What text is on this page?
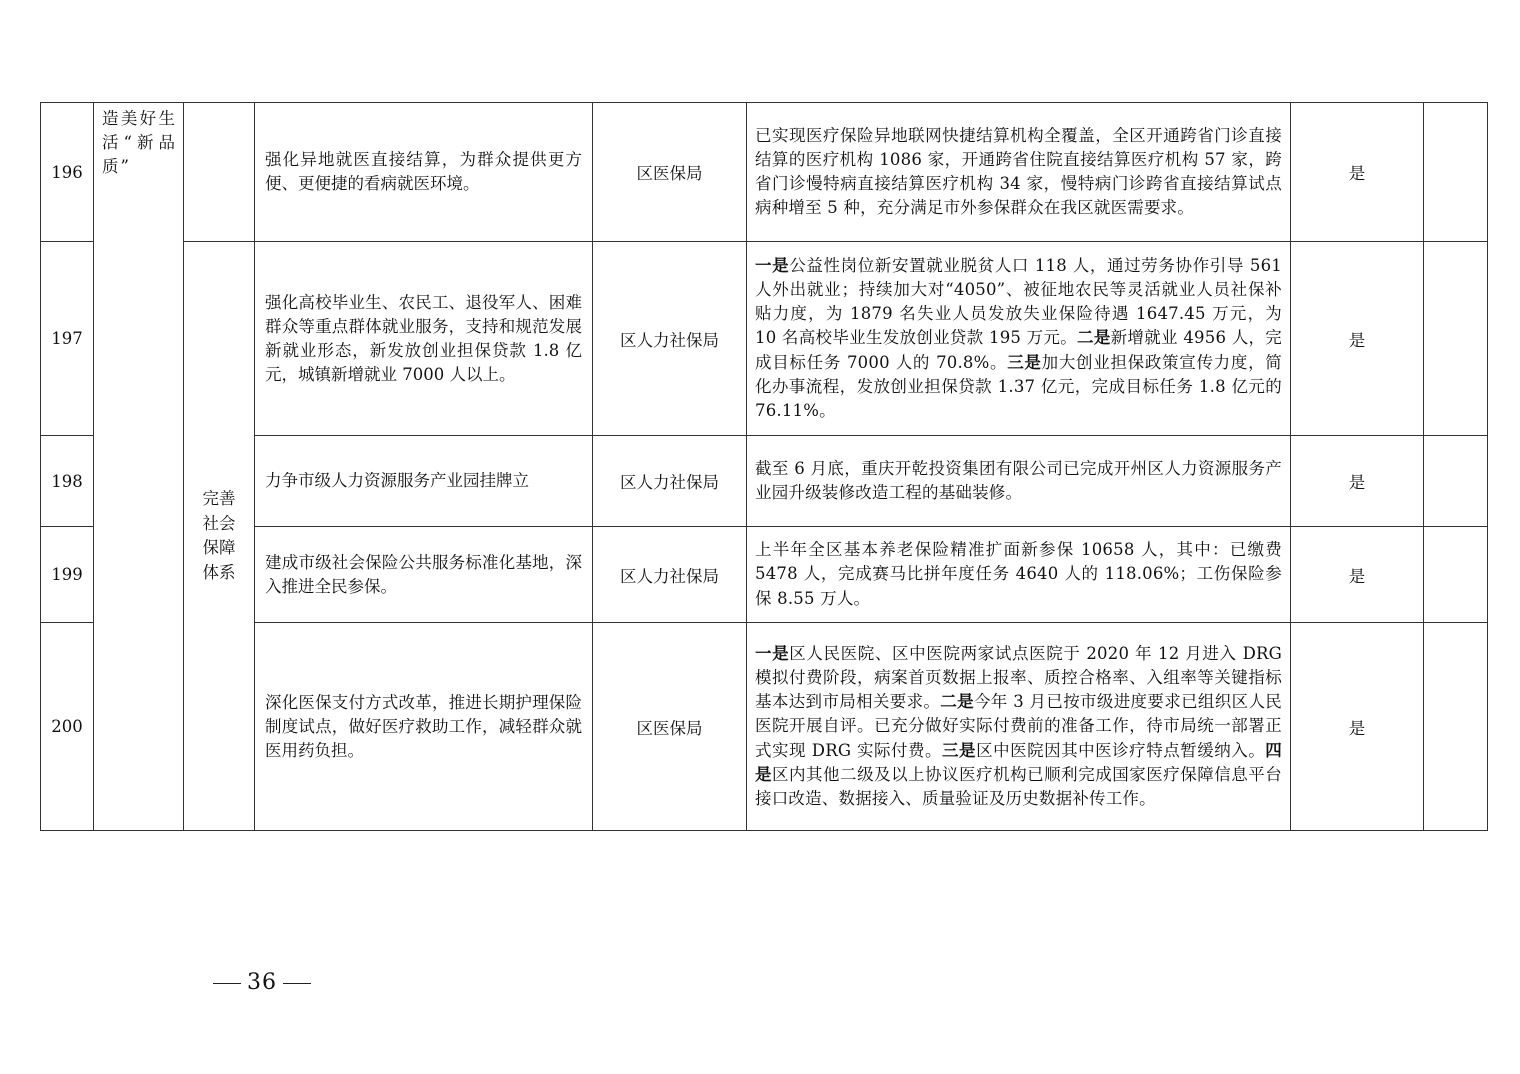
196	造美好生活“新品质”		强化异地就医直接结算，为群众提供更方便、更便捷的看病就医环境。	区医保局	已实现医疗保险异地联网快捷结算机构全覆盖，全区开通跨省门诊直接结算的医疗机构 1086 家，开通跨省住院直接结算医疗机构 57 家，跨省门诊慢特病直接结算医疗机构 34 家，慢特病门诊跨省直接结算试点病种增至 5 种，充分满足市外参保群众在我区就医需要求。	是	
197		完善社会保障体系	强化高校毕业生、农民工、退役军人、困难群众等重点群体就业服务，支持和规范发展新就业形态，新发放创业担保贷款 1.8 亿元，城镇新增就业 7000 人以上。	区人力社保局	一是公益性岗位新安置就业脱贫人口 118 人，通过劳务协作引导 561 人外出就业；持续加大对“4050”、被征地农民等灵活就业人员社保补贴力度，为 1879 名失业人员发放失业保险待遇 1647.45 万元，为 10 名高校毕业生发放创业贷款 195 万元。二是新增就业 4956 人，完成目标任务 7000 人的 70.8%。三是加大创业担保政策宣传力度，简化办事流程，发放创业担保贷款 1.37 亿元，完成目标任务 1.8 亿元的 76.11%。	是	
198			力争市级人力资源服务产业园挂牌立	区人力社保局	截至 6 月底，重庆开乾投资集团有限公司已完成开州区人力资源服务产业园升级装修改造工程的基础装修。	是	
199			建成市级社会保险公共服务标准化基地，深入推进全民参保。	区人力社保局	上半年全区基本养老保险精准扩面新参保 10658 人，其中：已缴费 5478 人，完成赛马比拼年度任务 4640 人的 118.06%；工伤保险参保 8.55 万人。	是	
200			深化医保支付方式改革，推进长期护理保险制度试点，做好医疗救助工作，减轻群众就医用药负担。	区医保局	一是区人民医院、区中医院两家试点医院于 2020 年 12 月进入 DRG 模拟付费阶段，病案首页数据上报率、质控合格率、入组率等关键指标基本达到市局相关要求。二是今年 3 月已按市级进度要求已组织区人民医院开展自评。已充分做好实际付费前的准备工作，待市局统一部署正式实现 DRG 实际付费。三是区中医院因其中医诊疗特点暂缓纳入。四是区内其他二级及以上协议医疗机构已顺利完成国家医疗保障信息平台接口改造、数据接入、质量验证及历史数据补传工作。	是	
36
